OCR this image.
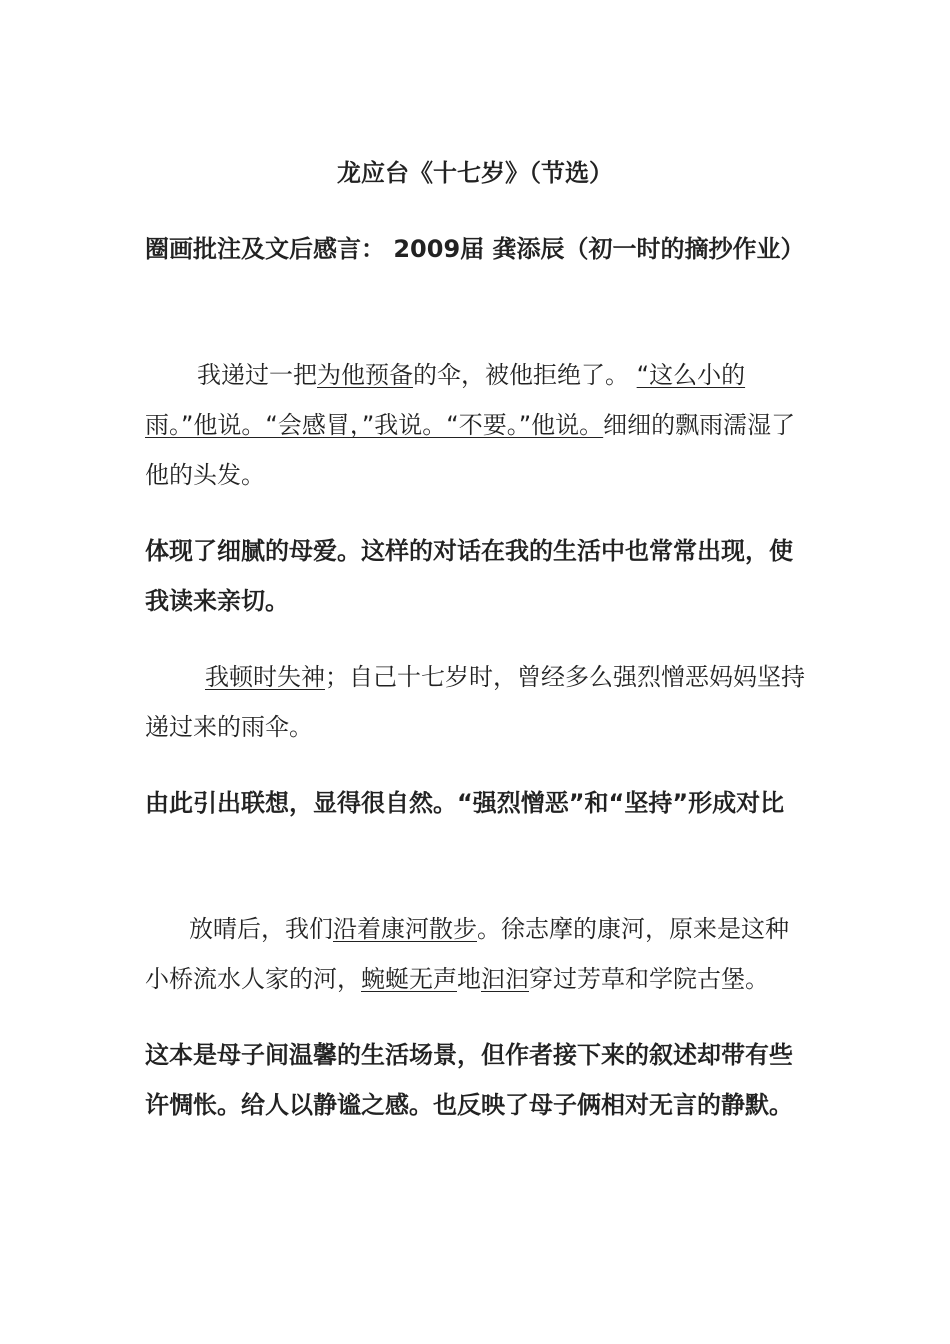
龙应台《十七岁》（节选）

圈画批注及文后感言： 2009届 龚添辰（初一时的摘抄作业）

我递过一把为他预备的伞，被他拒绝了。 “这么小的雨。”他说。“会感冒，”我说。“不要。”他说。细细的飘雨濡湿了他的头发。

体现了细腻的母爱。这样的对话在我的生活中也常常出现，使我读来亲切。

我顿时失神；自己十七岁时，曾经多么强烈憎恶妈妈坚持递过来的雨伞。

由此引出联想，显得很自然。“强烈憎恶”和“坚持”形成对比

放晴后，我们沿着康河散步。徐志摩的康河，原来是这种小桥流水人家的河，蜿蜒无声地汩汩穿过芳草和学院古堡。

这本是母子间温馨的生活场景，但作者接下来的叙述却带有些许惆怅。给人以静谧之感。也反映了母子俩相对无言的静默。
